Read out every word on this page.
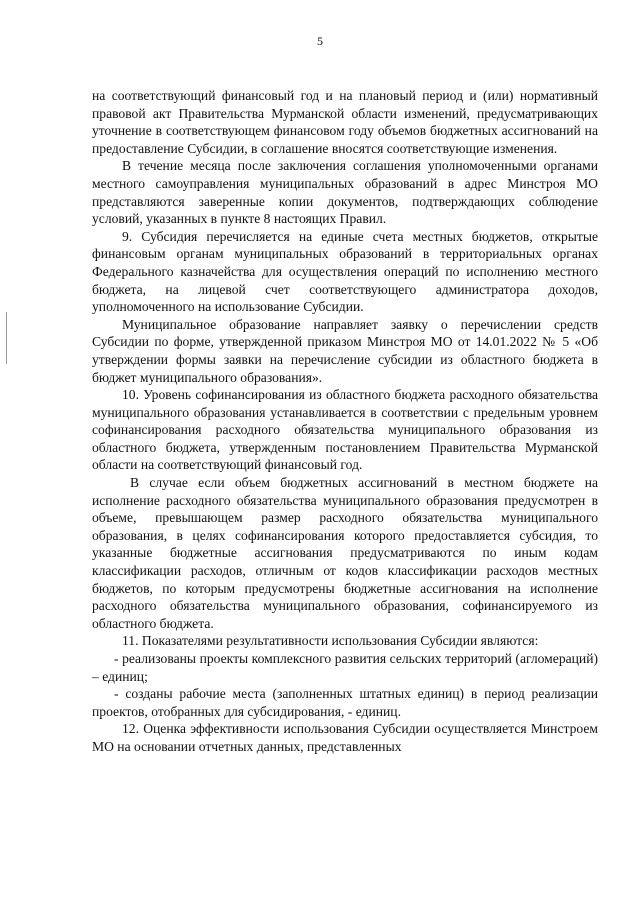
5

на соответствующий финансовый год и на плановый период и (или) нормативный правовой акт Правительства Мурманской области изменений, предусматривающих уточнение в соответствующем финансовом году объемов бюджетных ассигнований на предоставление Субсидии, в соглашение вносятся соответствующие изменения.

В течение месяца после заключения соглашения уполномоченными органами местного самоуправления муниципальных образований в адрес Минстроя МО представляются заверенные копии документов, подтверждающих соблюдение условий, указанных в пункте 8 настоящих Правил.

9. Субсидия перечисляется на единые счета местных бюджетов, открытые финансовым органам муниципальных образований в территориальных органах Федерального казначейства для осуществления операций по исполнению местного бюджета, на лицевой счет соответствующего администратора доходов, уполномоченного на использование Субсидии.

Муниципальное образование направляет заявку о перечислении средств Субсидии по форме, утвержденной приказом Минстроя МО от 14.01.2022 № 5 «Об утверждении формы заявки на перечисление субсидии из областного бюджета в бюджет муниципального образования».

10. Уровень софинансирования из областного бюджета расходного обязательства муниципального образования устанавливается в соответствии с предельным уровнем софинансирования расходного обязательства муниципального образования из областного бюджета, утвержденным постановлением Правительства Мурманской области на соответствующий финансовый год.

В случае если объем бюджетных ассигнований в местном бюджете на исполнение расходного обязательства муниципального образования предусмотрен в объеме, превышающем размер расходного обязательства муниципального образования, в целях софинансирования которого предоставляется субсидия, то указанные бюджетные ассигнования предусматриваются по иным кодам классификации расходов, отличным от кодов классификации расходов местных бюджетов, по которым предусмотрены бюджетные ассигнования на исполнение расходного обязательства муниципального образования, софинансируемого из областного бюджета.

11. Показателями результативности использования Субсидии являются:

- реализованы проекты комплексного развития сельских территорий (агломераций) – единиц;

- созданы рабочие места (заполненных штатных единиц) в период реализации проектов, отобранных для субсидирования, - единиц.

12. Оценка эффективности использования Субсидии осуществляется Минстроем МО на основании отчетных данных, представленных
